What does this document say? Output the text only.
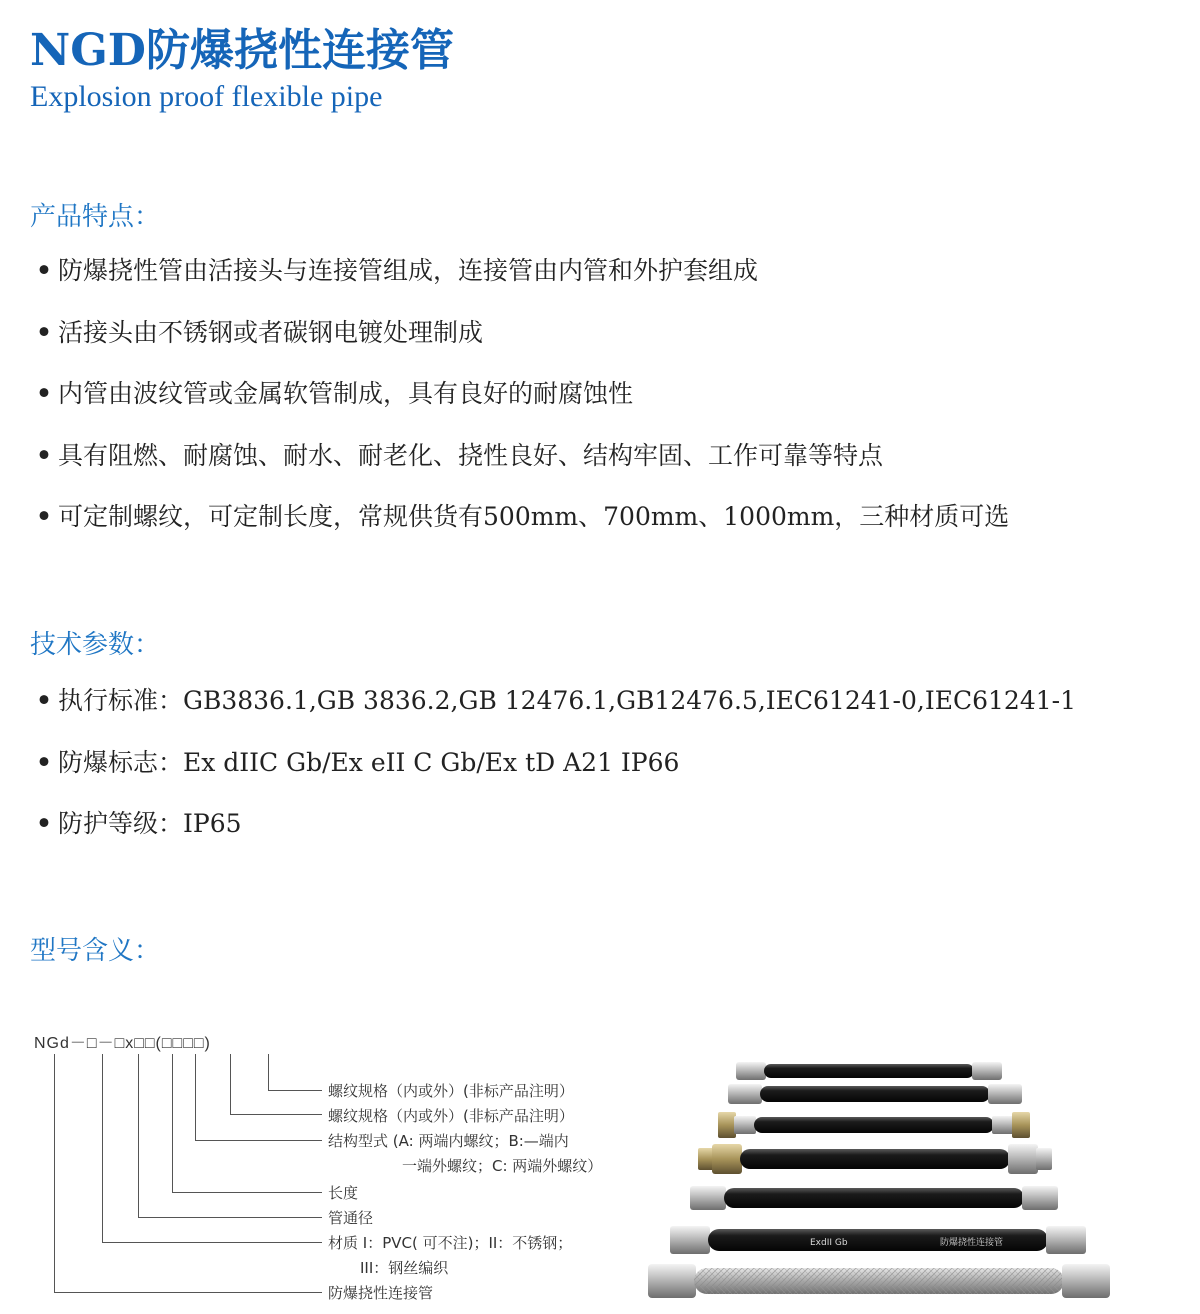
NGD防爆挠性连接管
Explosion proof flexible pipe
产品特点：
• 防爆挠性管由活接头与连接管组成，连接管由内管和外护套组成
• 活接头由不锈钢或者碳钢电镀处理制成
• 内管由波纹管或金属软管制成，具有良好的耐腐蚀性
• 具有阻燃、耐腐蚀、耐水、耐老化、挠性良好、结构牢固、工作可靠等特点
• 可定制螺纹，可定制长度，常规供货有500mm、700mm、1000mm，三种材质可选
技术参数：
• 执行标准：GB3836.1,GB 3836.2,GB 12476.1,GB12476.5,IEC61241-0,IEC61241-1
• 防爆标志：Ex dIIC Gb/Ex eII C Gb/Ex tD A21 IP66
• 防护等级：IP65
型号含义：
NGd－□－□x□□(□□□□)
螺纹规格（内或外）(非标产品注明）
螺纹规格（内或外）(非标产品注明）
结构型式 (A: 两端内螺纹；B:—端内
一端外螺纹；C: 两端外螺纹）
长度
管通径
材质 I：PVC( 可不注)；II：不锈钢；
III：钢丝编织
防爆挠性连接管
ExdII Gb	防爆挠性连接管
